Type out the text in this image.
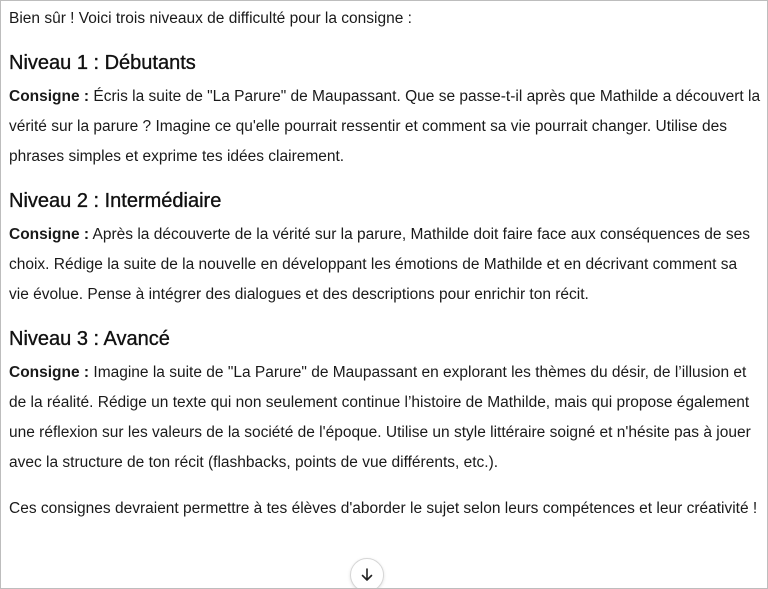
Bien sûr ! Voici trois niveaux de difficulté pour la consigne :

Niveau 1 : Débutants

Consigne : Écris la suite de "La Parure" de Maupassant. Que se passe-t-il après que Mathilde a découvert la vérité sur la parure ? Imagine ce qu'elle pourrait ressentir et comment sa vie pourrait changer. Utilise des phrases simples et exprime tes idées clairement.

Niveau 2 : Intermédiaire

Consigne : Après la découverte de la vérité sur la parure, Mathilde doit faire face aux conséquences de ses choix. Rédige la suite de la nouvelle en développant les émotions de Mathilde et en décrivant comment sa vie évolue. Pense à intégrer des dialogues et des descriptions pour enrichir ton récit.

Niveau 3 : Avancé

Consigne : Imagine la suite de "La Parure" de Maupassant en explorant les thèmes du désir, de l’illusion et de la réalité. Rédige un texte qui non seulement continue l’histoire de Mathilde, mais qui propose également une réflexion sur les valeurs de la société de l'époque. Utilise un style littéraire soigné et n'hésite pas à jouer avec la structure de ton récit (flashbacks, points de vue différents, etc.).

Ces consignes devraient permettre à tes élèves d'aborder le sujet selon leurs compétences et leur créativité !
